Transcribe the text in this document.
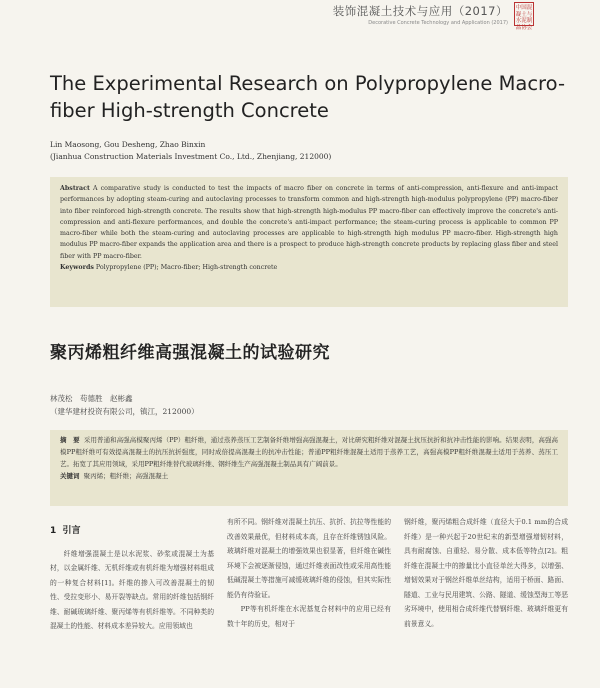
装饰混凝土技术与应用（2017）
Decorative Concrete Technology and Application (2017)
中国混凝土与水泥制品协会
The Experimental Research on Polypropylene Macro-fiber High-strength Concrete
Lin Maosong, Gou Desheng, Zhao Binxin
(Jianhua Construction Materials Investment Co., Ltd., Zhenjiang, 212000)

Abstract A comparative study is conducted to test the impacts of macro fiber on concrete in terms of anti-compression, anti-flexure and anti-impact performances by adopting steam-curing and autoclaving processes to transform common and high-strength high-modulus polypropylene (PP) macro-fiber into fiber reinforced high-strength concrete. The results show that high-strength high-modulus PP macro-fiber can effectively improve the concrete's anti-compression and anti-flexure performances, and double the concrete's anti-impact performance; the steam-curing process is applicable to common PP macro-fiber while both the steam-curing and autoclaving processes are applicable to high-strength high modulus PP macro-fiber. High-strength high modulus PP macro-fiber expands the application area and there is a prospect to produce high-strength concrete products by replacing glass fiber and steel fiber with PP macro-fiber.

Keywords Polypropylene (PP); Macro-fiber; High-strength concrete

聚丙烯粗纤维高强混凝土的试验研究
林茂松　苟德胜　赵彬鑫
（建华建材投资有限公司，镇江，212000）

摘　要 采用普通和高强高模聚丙烯（PP）粗纤维，通过蒸养蒸压工艺制备纤维增强高强混凝土，对比研究粗纤维对混凝土抗压抗折和抗冲击性能的影响。结果表明，高强高模PP粗纤维可有效提高混凝土的抗压抗折强度，同时成倍提高混凝土的抗冲击性能；普通PP粗纤维混凝土适用于蒸养工艺，高强高模PP粗纤维混凝土适用于蒸养、蒸压工艺。拓宽了其应用领域，采用PP粗纤维替代玻璃纤维、钢纤维生产高强混凝土制品具有广阔前景。

关键词 聚丙烯；粗纤维；高强混凝土

1 引言

纤维增强混凝土是以水泥浆、砂浆或混凝土为基材，以金属纤维、无机纤维或有机纤维为增强材料组成的一种复合材料[1]。纤维的掺入可改善混凝土的韧性、受拉变形小、易开裂等缺点。常用的纤维包括钢纤维、耐碱玻璃纤维、聚丙烯等有机纤维等。不同种类的混凝土的性能、材料成本差异较大。应用领域也

有所不同。钢纤维对混凝土抗压、抗折、抗拉等性能的改善效果最优，但材料成本高，且存在纤维锈蚀风险。玻璃纤维对混凝土的增强效果也很显著，但纤维在碱性环境下会被逐渐侵蚀，通过纤维表面改性或采用高性能低碱混凝土等措施可减缓玻璃纤维的侵蚀，但其实际性能仍有待验证。

PP等有机纤维在水泥基复合材料中的应用已经有数十年的历史，相对于

钢纤维，聚丙烯粗合成纤维（直径大于0.1 mm的合成纤维）是一种兴起于20世纪末的新型增强增韧材料，具有耐腐蚀、自重轻、易分散、成本低等特点[2]。粗纤维在混凝土中的掺量比小直径单丝大得多，以增强、增韧效果对于钢丝纤维单丝结构，适用于桥面、路面、隧道、工业与民用建筑、公路、隧道、缓蚀型海工等恶劣环境中，使用相合成纤维代替钢纤维、玻璃纤维更有前景意义。
